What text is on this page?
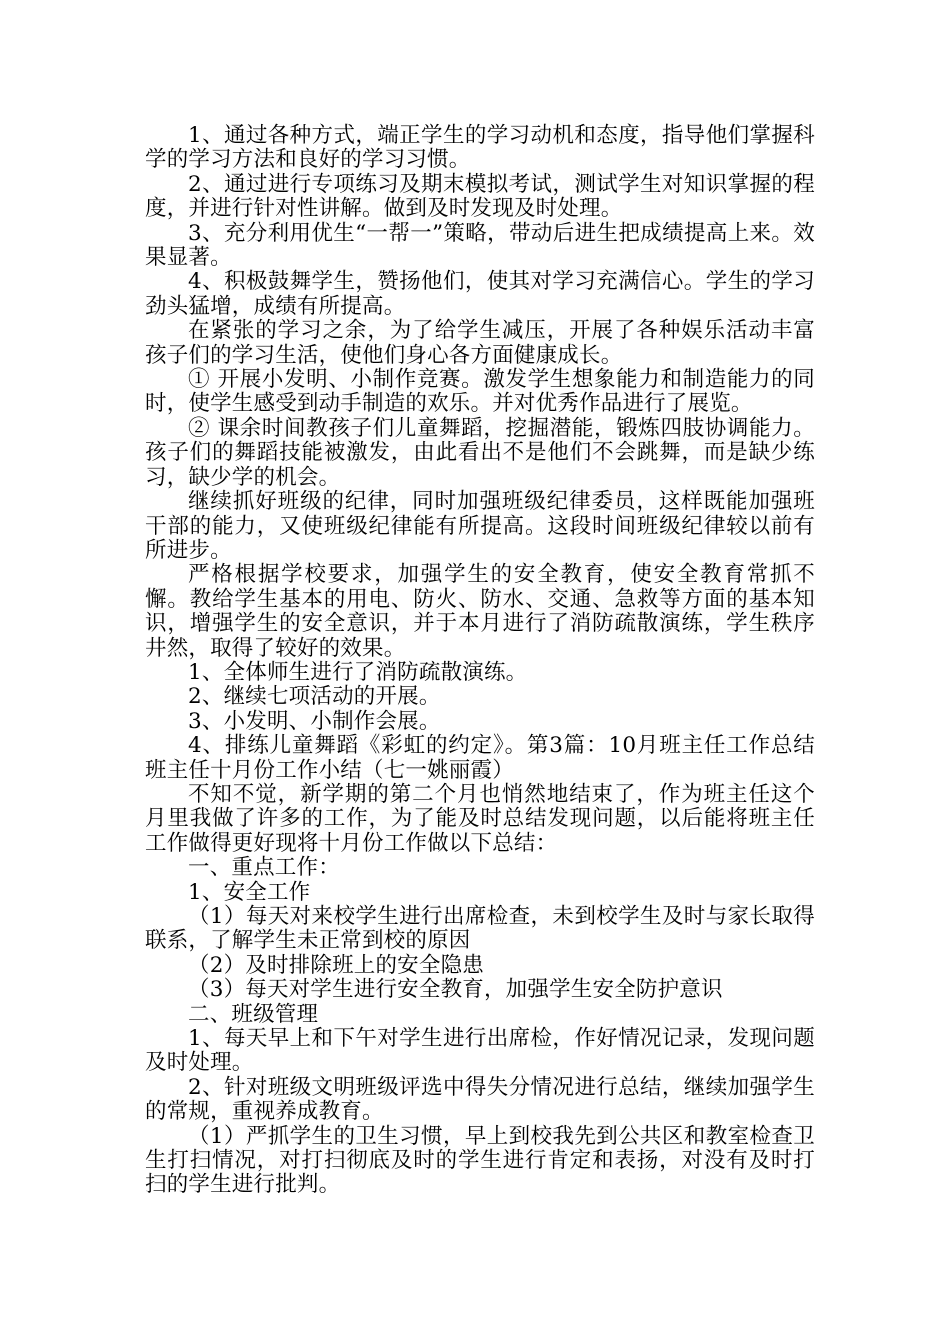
1、通过各种方式，端正学生的学习动机和态度，指导他们掌握科学的学习方法和良好的学习习惯。

2、通过进行专项练习及期末模拟考试，测试学生对知识掌握的程度，并进行针对性讲解。做到及时发现及时处理。

3、充分利用优生“一帮一”策略，带动后进生把成绩提高上来。效果显著。

4、积极鼓舞学生，赞扬他们，使其对学习充满信心。学生的学习劲头猛增，成绩有所提高。

在紧张的学习之余，为了给学生减压，开展了各种娱乐活动丰富孩子们的学习生活，使他们身心各方面健康成长。

① 开展小发明、小制作竞赛。激发学生想象能力和制造能力的同时，使学生感受到动手制造的欢乐。并对优秀作品进行了展览。

② 课余时间教孩子们儿童舞蹈，挖掘潜能，锻炼四肢协调能力。孩子们的舞蹈技能被激发，由此看出不是他们不会跳舞，而是缺少练习，缺少学的机会。

继续抓好班级的纪律，同时加强班级纪律委员，这样既能加强班干部的能力，又使班级纪律能有所提高。这段时间班级纪律较以前有所进步。

严格根据学校要求，加强学生的安全教育，使安全教育常抓不懈。教给学生基本的用电、防火、防水、交通、急救等方面的基本知识，增强学生的安全意识，并于本月进行了消防疏散演练，学生秩序井然，取得了较好的效果。

1、全体师生进行了消防疏散演练。

2、继续七项活动的开展。

3、小发明、小制作会展。

4、排练儿童舞蹈《彩虹的约定》。第3篇：10月班主任工作总结班主任十月份工作小结（七一姚丽霞）

不知不觉，新学期的第二个月也悄然地结束了，作为班主任这个月里我做了许多的工作，为了能及时总结发现问题，以后能将班主任工作做得更好现将十月份工作做以下总结：

一、重点工作：

1、安全工作

（1）每天对来校学生进行出席检查，未到校学生及时与家长取得联系，了解学生未正常到校的原因

（2）及时排除班上的安全隐患

（3）每天对学生进行安全教育，加强学生安全防护意识

二、班级管理

1、每天早上和下午对学生进行出席检，作好情况记录，发现问题及时处理。

2、针对班级文明班级评选中得失分情况进行总结，继续加强学生的常规，重视养成教育。

（1）严抓学生的卫生习惯，早上到校我先到公共区和教室检查卫生打扫情况，对打扫彻底及时的学生进行肯定和表扬，对没有及时打扫的学生进行批判。
